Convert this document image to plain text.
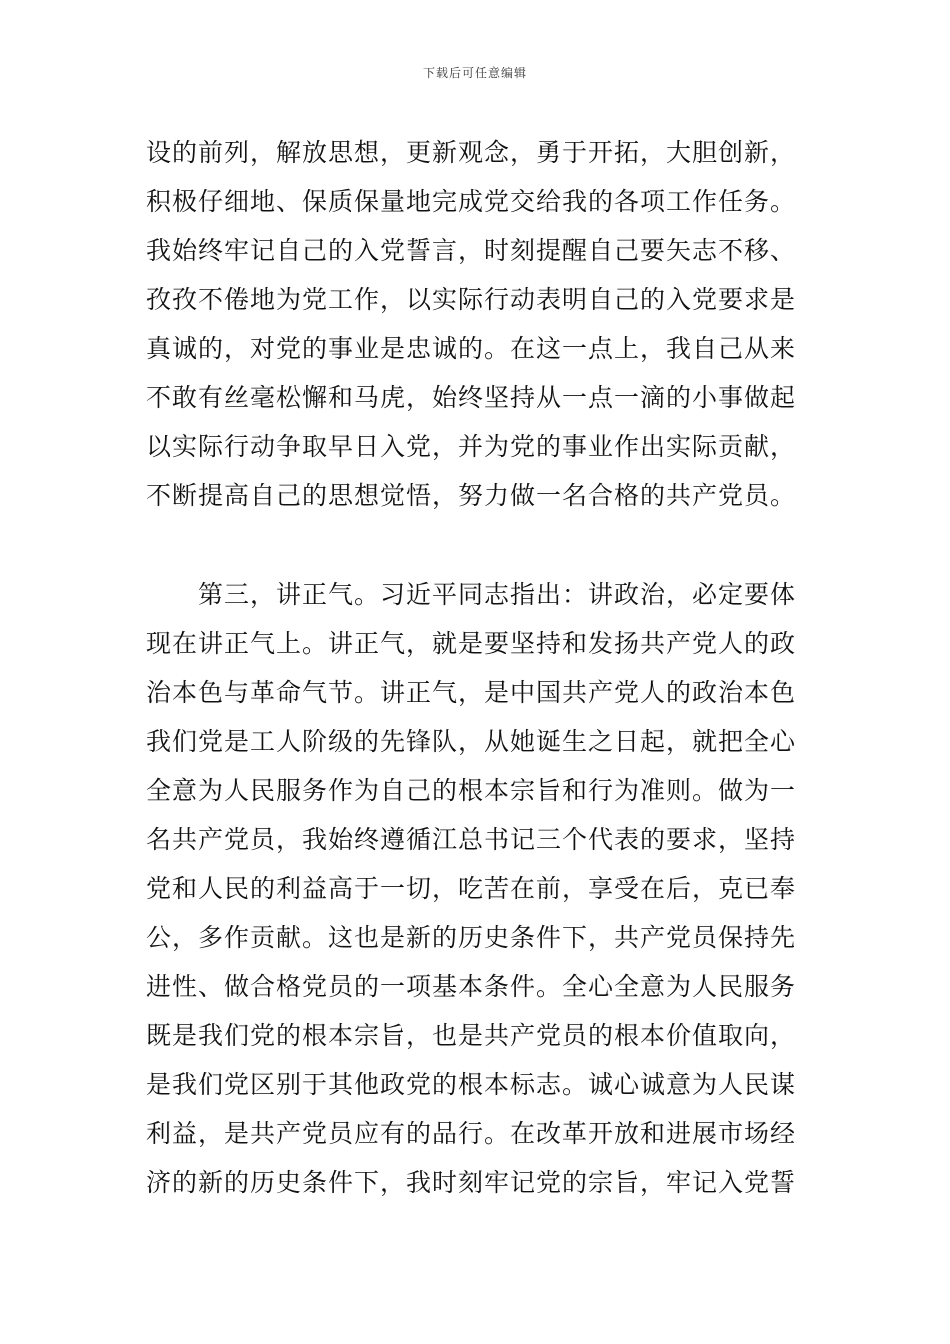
下载后可任意编辑
设的前列，解放思想，更新观念，勇于开拓，大胆创新，
积极仔细地、保质保量地完成党交给我的各项工作任务。
我始终牢记自己的入党誓言，时刻提醒自己要矢志不移、
孜孜不倦地为党工作，以实际行动表明自己的入党要求是
真诚的，对党的事业是忠诚的。在这一点上，我自己从来
不敢有丝毫松懈和马虎，始终坚持从一点一滴的小事做起
以实际行动争取早日入党，并为党的事业作出实际贡献，
不断提高自己的思想觉悟，努力做一名合格的共产党员。
第三，讲正气。习近平同志指出：讲政治，必定要体
现在讲正气上。讲正气，就是要坚持和发扬共产党人的政
治本色与革命气节。讲正气，是中国共产党人的政治本色
我们党是工人阶级的先锋队，从她诞生之日起，就把全心
全意为人民服务作为自己的根本宗旨和行为准则。做为一
名共产党员，我始终遵循江总书记三个代表的要求，坚持
党和人民的利益高于一切，吃苦在前，享受在后，克已奉
公，多作贡献。这也是新的历史条件下，共产党员保持先
进性、做合格党员的一项基本条件。全心全意为人民服务
既是我们党的根本宗旨，也是共产党员的根本价值取向，
是我们党区别于其他政党的根本标志。诚心诚意为人民谋
利益，是共产党员应有的品行。在改革开放和进展市场经
济的新的历史条件下，我时刻牢记党的宗旨，牢记入党誓
